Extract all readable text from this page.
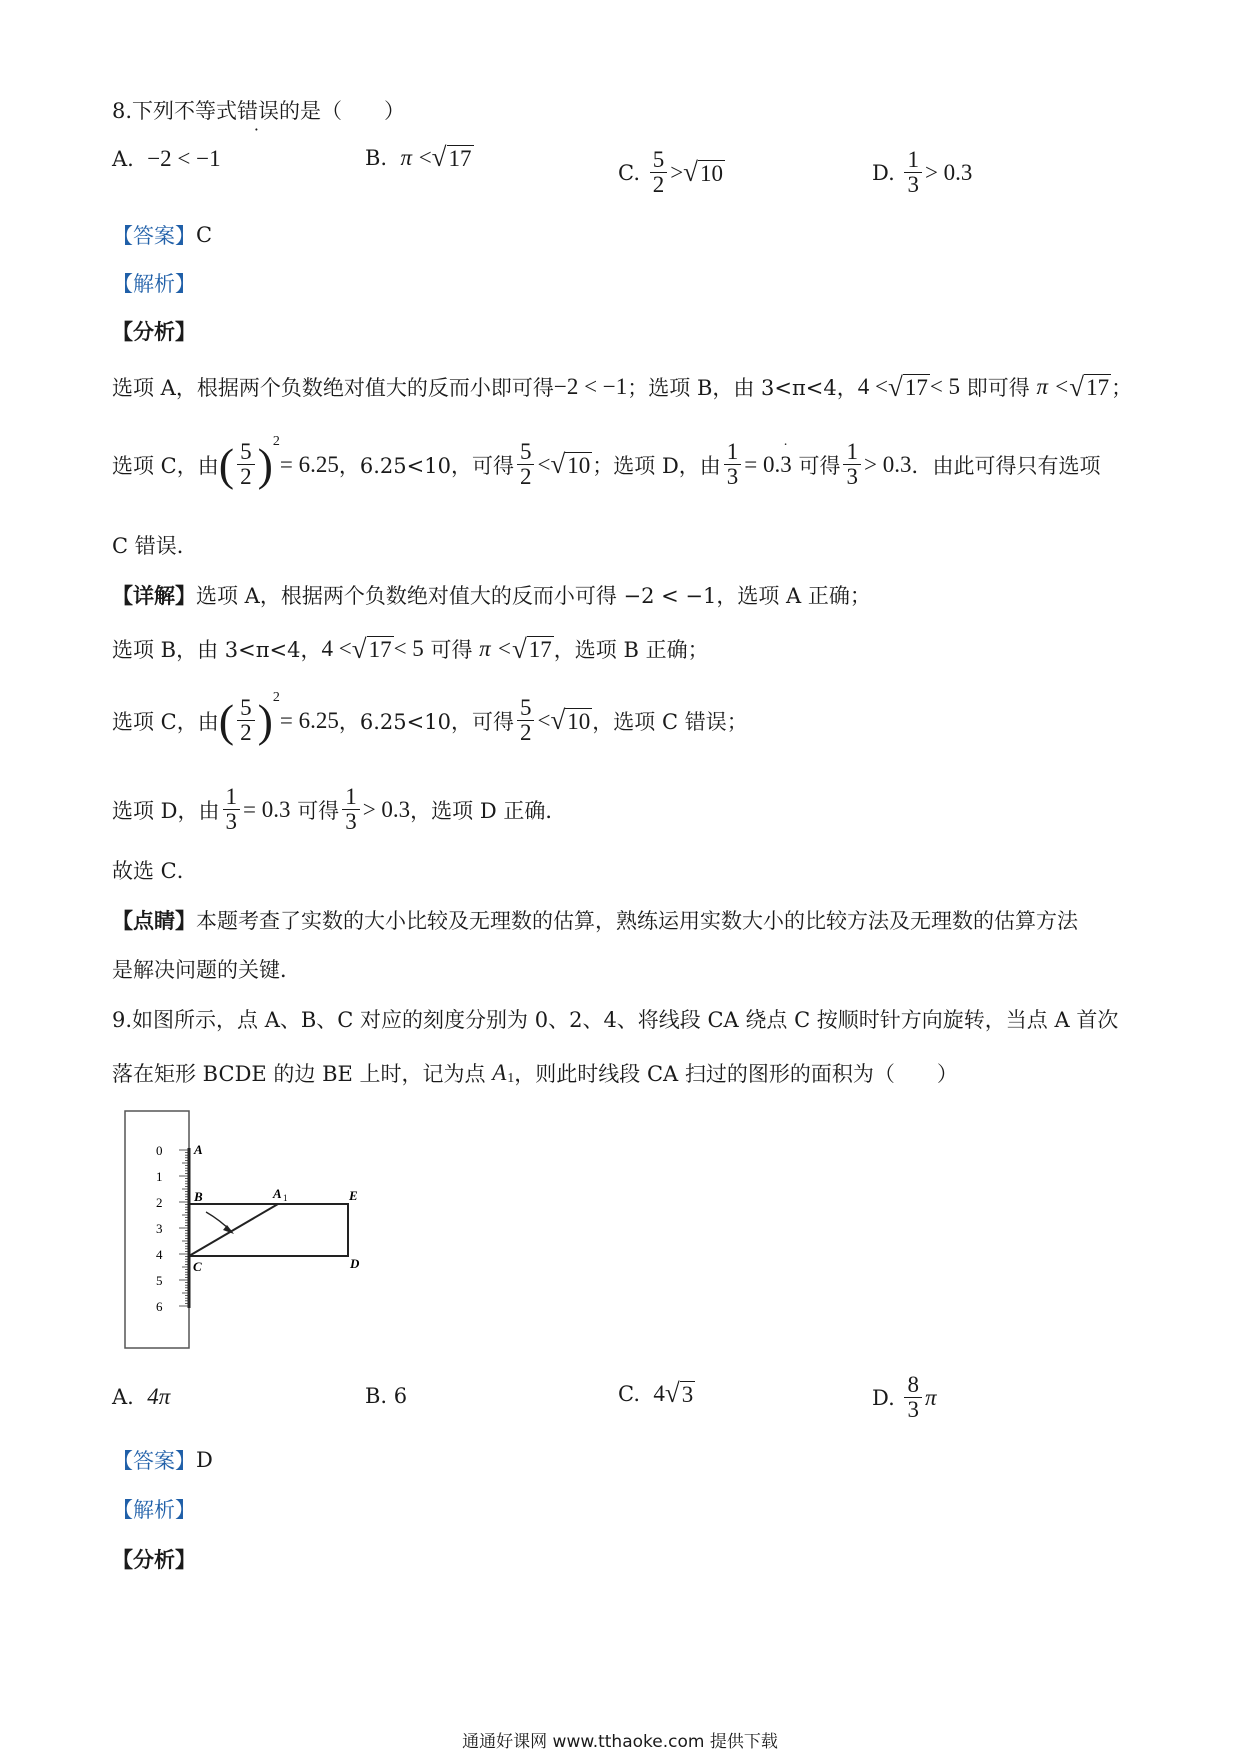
8.下列不等式 错误 · 的是（　　）
A.
−2 < −1	B.
π
< √ 17
C.
$\frac{5}{2}$ > √ 10	D.
$\frac{1}{3} > 0.3$
【答案】 C
【解析】
【分析】
选项 A，根据两个负数绝对值大的反而小即可得 −2 < −1 ；选项 B，由 3<π<4， 4 < √ 17 < 5
即可得
π < √ 17 ；
选项 C，由 ( $\frac{5}{2}$ ) 2
= 6.25 ，6.25<10，可得 $\frac{5}{2}$ < √ 10 ；选项 D，由 $\frac{1}{3} = 0$. 3
·

可得 $\frac{1}{3} > 0.3$ ．由此可得只有选项
C 错误．
【详解】 选项 A，根据两个负数绝对值大的反而小可得 −2 < −1，选项 A 正确；
选项 B，由 3<π<4， 4 < √ 17 < 5
可得
π < √ 17 ，选项 B 正确；
选项 C，由 ( $\frac{5}{2}$ ) 2
= 6.25 ，6.25<10，可得 $\frac{5}{2}$ < √ 10 ，选项 C 错误；
选项 D，由 $\frac{1}{3} = 0.3$
可得 $\frac{1}{3} > 0.3$ ，选项 D 正确．
故选 C．
【点睛】 本题考查了实数的大小比较及无理数的估算，熟练运用实数大小的比较方法及无理数的估算方法
是解决问题的关键．
9.如图所示，点 A、B、C 对应的刻度分别为 0、2、4、将线段 CA 绕点 C 按顺时针方向旋转，当点 A 首次
落在矩形 BCDE 的边 BE 上时，记为点
A 1 ，则此时线段 CA 扫过的图形的面积为（　　）
0
1
2
3
4
5
6
A
B
C	D
E
A 1
A.
4π	B. 6	C.
4 √ 3	D.
$\frac{8}{3}$ π
【答案】 D
【解析】
【分析】
通通好课网 www.tthaoke.com 提供下载
